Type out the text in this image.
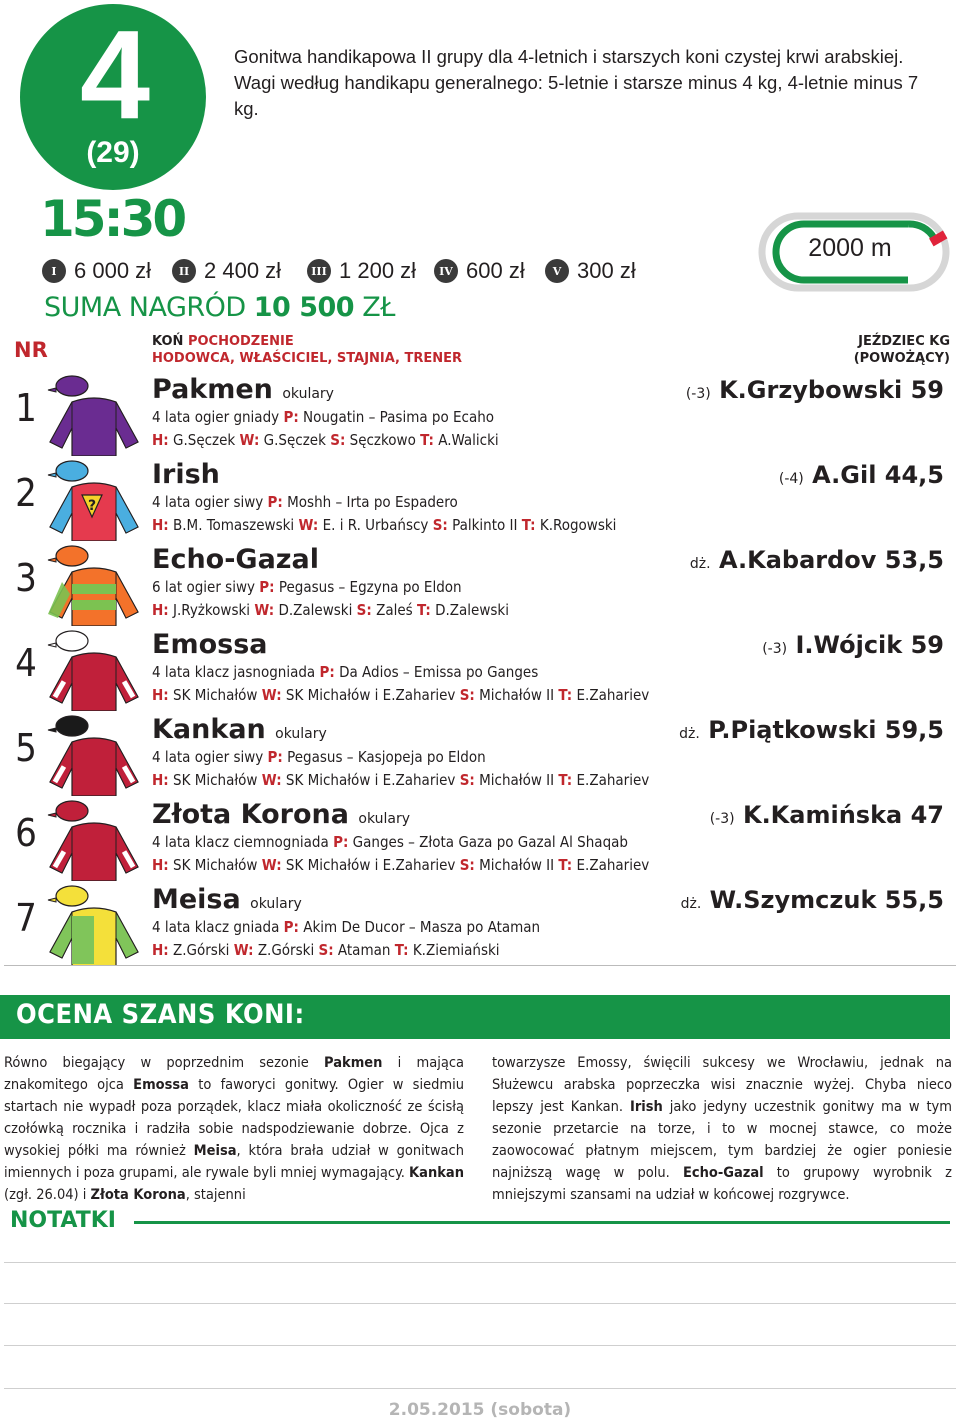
4
(29)
15:30
Gonitwa handikapowa II grupy dla 4-letnich i starszych koni czystej krwi arabskiej.
Wagi według handikapu generalnego: 5-letnie i starsze minus 4 kg, 4-letnie minus 7 kg.
I 6 000 zł	II 2 400 zł	III 1 200 zł	IV 600 zł	V 300 zł
SUMA NAGRÓD 10 500 ZŁ
2000 m
NR	KOŃ POCHODZENIE
HODOWCA, WŁAŚCICIEL, STAJNIA, TRENER
JEŹDZIEC KG
(POWOŻĄCY)
1	Pakmen okulary
4 lata ogier gniady P: Nougatin – Pasima po Ecaho
H: G.Sęczek W: G.Sęczek S: Sęczkowo T: A.Walicki
(-3) K.Grzybowski 59
2	?
Irish
4 lata ogier siwy P: Moshh – Irta po Espadero
H: B.M. Tomaszewski W: E. i R. Urbańscy S: Palkinto II T: K.Rogowski
(-4) A.Gil 44,5
3	Echo-Gazal
6 lat ogier siwy P: Pegasus – Egzyna po Eldon
H: J.Ryżkowski W: D.Zalewski S: Zaleś T: D.Zalewski
dż. A.Kabardov 53,5
4	Emossa
4 lata klacz jasnogniada P: Da Adios – Emissa po Ganges
H: SK Michałów W: SK Michałów i E.Zahariev S: Michałów II T: E.Zahariev
(-3) I.Wójcik 59
5	Kankan okulary
4 lata ogier siwy P: Pegasus – Kasjopeja po Eldon
H: SK Michałów W: SK Michałów i E.Zahariev S: Michałów II T: E.Zahariev
dż. P.Piątkowski 59,5
6	Złota Korona okulary
4 lata klacz ciemnogniada P: Ganges – Złota Gaza po Gazal Al Shaqab
H: SK Michałów W: SK Michałów i E.Zahariev S: Michałów II T: E.Zahariev
(-3) K.Kamińska 47
7	Meisa okulary
4 lata klacz gniada P: Akim De Ducor – Masza po Ataman
H: Z.Górski W: Z.Górski S: Ataman T: K.Ziemiański
dż. W.Szymczuk 55,5
OCENA SZANS KONI:
Równo biegający w poprzednim sezonie Pakmen i mająca znakomitego ojca Emossa to faworyci gonitwy. Ogier w siedmiu startach nie wypadł poza porządek, klacz miała okoliczność ze ścisłą czołówką rocznika i radziła sobie nadspodziewanie dobrze. Ojca z wysokiej półki ma również Meisa, która brała udział w gonitwach imiennych i poza grupami, ale rywale byli mniej wymagający. Kankan (zgł. 26.04) i Złota Korona, stajenni
towarzysze Emossy, święcili sukcesy we Wrocławiu, jednak na Służewcu arabska poprzeczka wisi znacznie wyżej. Chyba nieco lepszy jest Kankan. Irish jako jedyny uczestnik gonitwy ma w tym sezonie przetarcie na torze, i to w mocnej stawce, co może zaowocować płatnym miejscem, tym bardziej że ogier poniesie najniższą wagę w polu. Echo-Gazal to grupowy wyrobnik z mniejszymi szansami na udział w końcowej rozgrywce.
NOTATKI
2.05.2015 (sobota)
